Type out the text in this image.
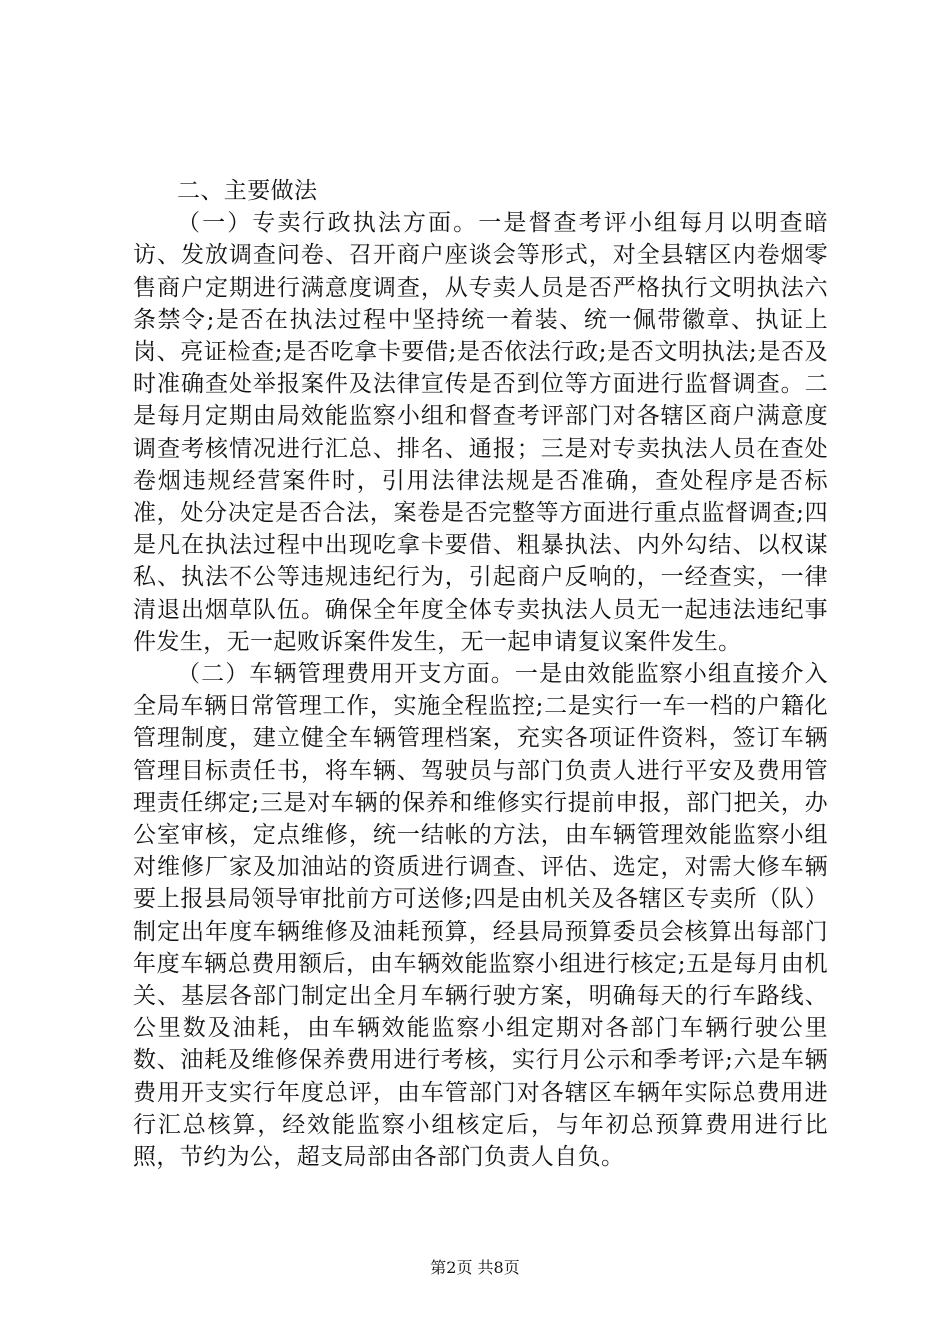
二、主要做法

（一）专卖行政执法方面。一是督查考评小组每月以明查暗访、发放调查问卷、召开商户座谈会等形式，对全县辖区内卷烟零售商户定期进行满意度调查，从专卖人员是否严格执行文明执法六条禁令;是否在执法过程中坚持统一着装、统一佩带徽章、执证上岗、亮证检查;是否吃拿卡要借;是否依法行政;是否文明执法;是否及时准确查处举报案件及法律宣传是否到位等方面进行监督调查。二是每月定期由局效能监察小组和督查考评部门对各辖区商户满意度调查考核情况进行汇总、排名、通报；三是对专卖执法人员在查处卷烟违规经营案件时，引用法律法规是否准确，查处程序是否标准，处分决定是否合法，案卷是否完整等方面进行重点监督调查;四是凡在执法过程中出现吃拿卡要借、粗暴执法、内外勾结、以权谋私、执法不公等违规违纪行为，引起商户反响的，一经查实，一律清退出烟草队伍。确保全年度全体专卖执法人员无一起违法违纪事件发生，无一起败诉案件发生，无一起申请复议案件发生。

（二）车辆管理费用开支方面。一是由效能监察小组直接介入全局车辆日常管理工作，实施全程监控;二是实行一车一档的户籍化管理制度，建立健全车辆管理档案，充实各项证件资料，签订车辆管理目标责任书，将车辆、驾驶员与部门负责人进行平安及费用管理责任绑定;三是对车辆的保养和维修实行提前申报，部门把关，办公室审核，定点维修，统一结帐的方法，由车辆管理效能监察小组对维修厂家及加油站的资质进行调查、评估、选定，对需大修车辆要上报县局领导审批前方可送修;四是由机关及各辖区专卖所（队）制定出年度车辆维修及油耗预算，经县局预算委员会核算出每部门年度车辆总费用额后，由车辆效能监察小组进行核定;五是每月由机关、基层各部门制定出全月车辆行驶方案，明确每天的行车路线、公里数及油耗，由车辆效能监察小组定期对各部门车辆行驶公里数、油耗及维修保养费用进行考核，实行月公示和季考评;六是车辆费用开支实行年度总评，由车管部门对各辖区车辆年实际总费用进行汇总核算，经效能监察小组核定后，与年初总预算费用进行比照，节约为公，超支局部由各部门负责人自负。

第2页 共8页
